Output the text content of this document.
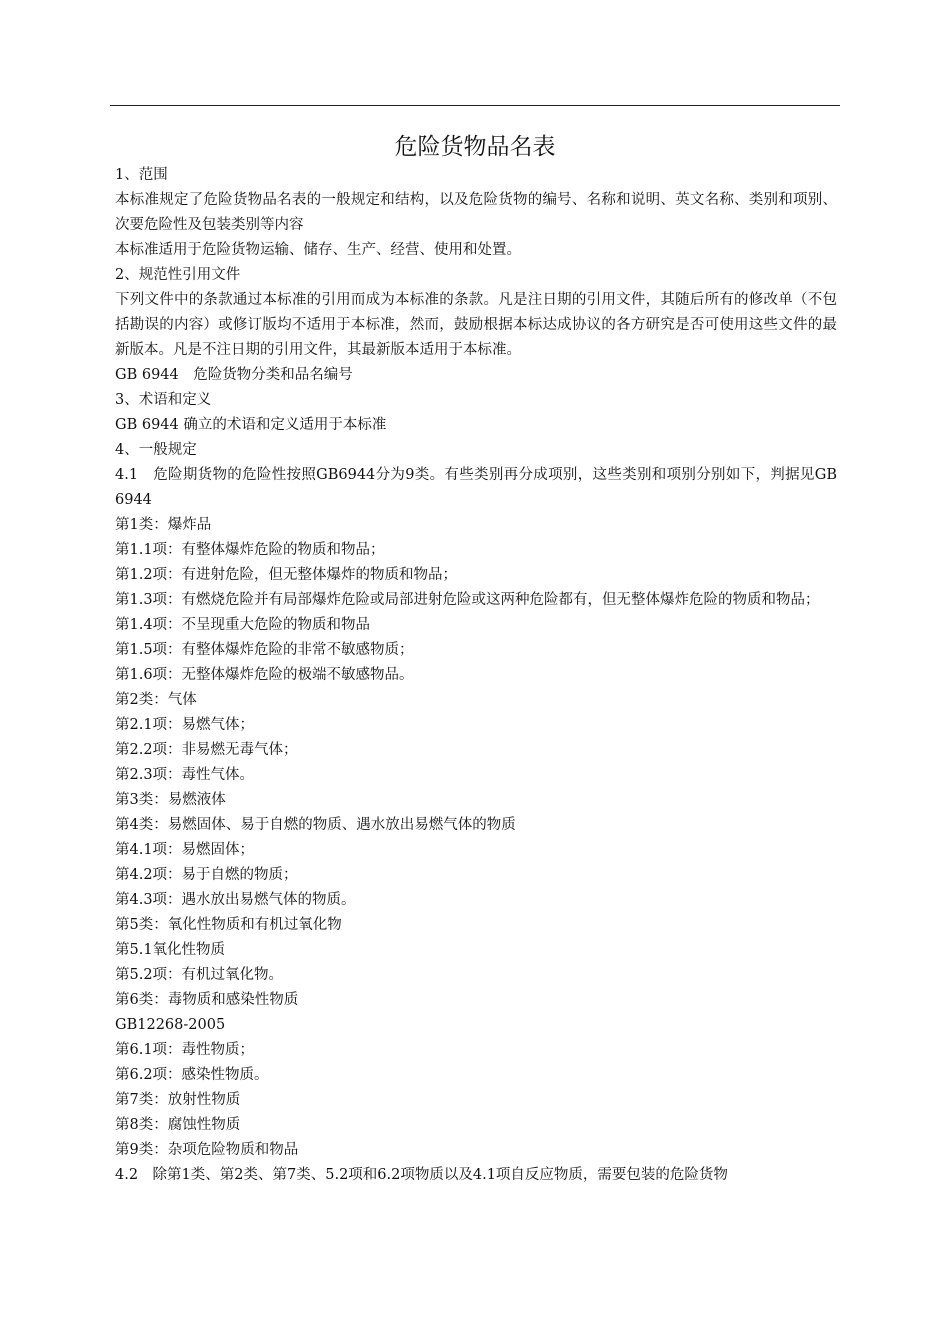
危险货物品名表

1、范围

本标准规定了危险货物品名表的一般规定和结构，以及危险货物的编号、名称和说明、英文名称、类别和项别、次要危险性及包装类别等内容

本标准适用于危险货物运输、储存、生产、经营、使用和处置。

2、规范性引用文件

下列文件中的条款通过本标准的引用而成为本标准的条款。凡是注日期的引用文件，其随后所有的修改单（不包括勘误的内容）或修订版均不适用于本标准，然而，鼓励根据本标达成协议的各方研究是否可使用这些文件的最新版本。凡是不注日期的引用文件，其最新版本适用于本标准。

GB 6944　危险货物分类和品名编号

3、术语和定义

GB 6944 确立的术语和定义适用于本标准

4、一般规定

4.1　危险期货物的危险性按照GB6944分为9类。有些类别再分成项别，这些类别和项别分别如下，判据见GB 6944

第1类：爆炸品

第1.1项：有整体爆炸危险的物质和物品；

第1.2项：有进射危险，但无整体爆炸的物质和物品；

第1.3项：有燃烧危险并有局部爆炸危险或局部进射危险或这两种危险都有，但无整体爆炸危险的物质和物品；

第1.4项：不呈现重大危险的物质和物品

第1.5项：有整体爆炸危险的非常不敏感物质；

第1.6项：无整体爆炸危险的极端不敏感物品。

第2类：气体

第2.1项：易燃气体；

第2.2项：非易燃无毒气体；

第2.3项：毒性气体。

第3类：易燃液体

第4类：易燃固体、易于自燃的物质、遇水放出易燃气体的物质

第4.1项：易燃固体；

第4.2项：易于自燃的物质；

第4.3项：遇水放出易燃气体的物质。

第5类：氧化性物质和有机过氧化物

第5.1氧化性物质

第5.2项：有机过氧化物。

第6类：毒物质和感染性物质

GB12268-2005

第6.1项：毒性物质；

第6.2项：感染性物质。

第7类：放射性物质

第8类：腐蚀性物质

第9类：杂项危险物质和物品

4.2　除第1类、第2类、第7类、5.2项和6.2项物质以及4.1项自反应物质，需要包装的危险货物
